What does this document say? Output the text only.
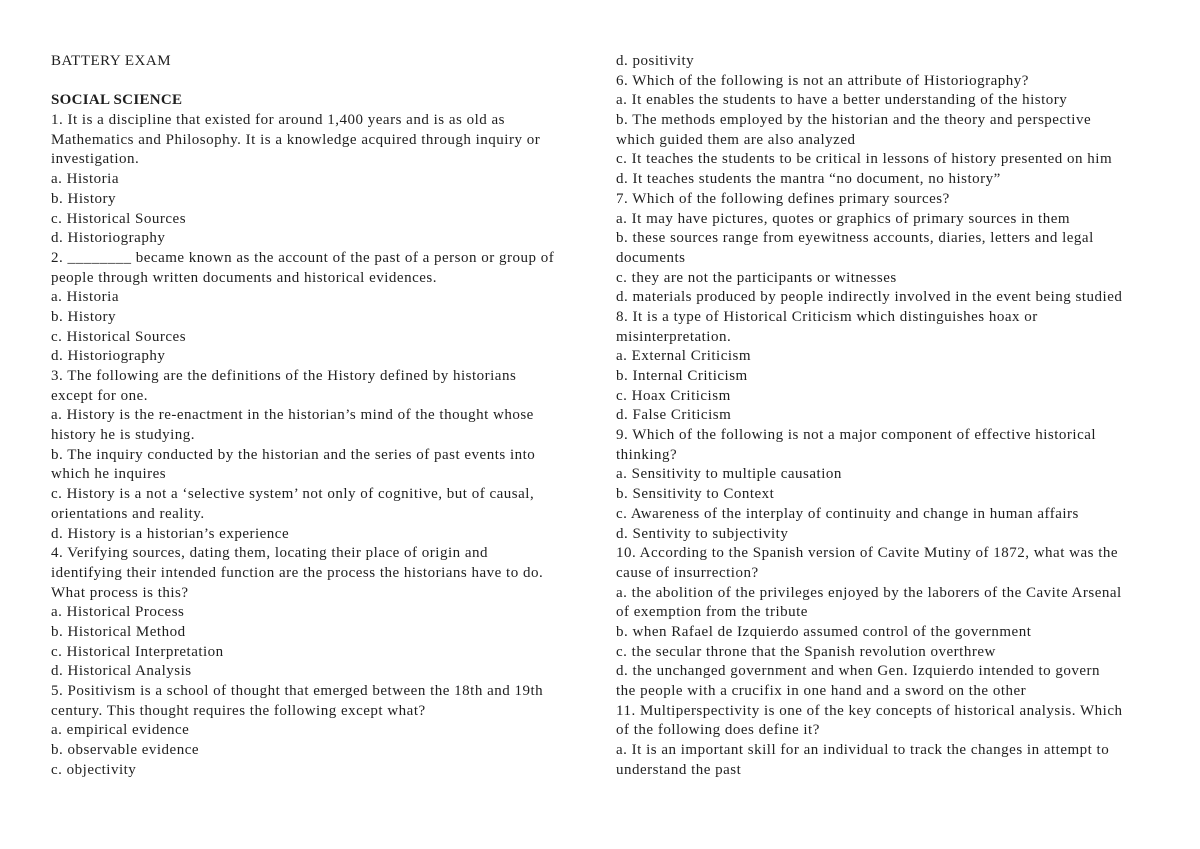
BATTERY EXAM
SOCIAL SCIENCE
1. It is a discipline that existed for around 1,400 years and is as old as
Mathematics and Philosophy. It is a knowledge acquired through inquiry or
investigation.
a. Historia
b. History
c. Historical Sources
d. Historiography
2. ________ became known as the account of the past of a person or group of
people through written documents and historical evidences.
a. Historia
b. History
c. Historical Sources
d. Historiography
3. The following are the definitions of the History defined by historians
except for one.
a. History is the re-enactment in the historian’s mind of the thought whose
history he is studying.
b. The inquiry conducted by the historian and the series of past events into
which he inquires
c. History is a not a ‘selective system’ not only of cognitive, but of causal,
orientations and reality.
d. History is a historian’s experience
4. Verifying sources, dating them, locating their place of origin and
identifying their intended function are the process the historians have to do.
What process is this?
a. Historical Process
b. Historical Method
c. Historical Interpretation
d. Historical Analysis
5. Positivism is a school of thought that emerged between the 18th and 19th
century. This thought requires the following except what?
a. empirical evidence
b. observable evidence
c. objectivity
d. positivity
6. Which of the following is not an attribute of Historiography?
a. It enables the students to have a better understanding of the history
b. The methods employed by the historian and the theory and perspective
which guided them are also analyzed
c. It teaches the students to be critical in lessons of history presented on him
d. It teaches students the mantra “no document, no history”
7. Which of the following defines primary sources?
a. It may have pictures, quotes or graphics of primary sources in them
b. these sources range from eyewitness accounts, diaries, letters and legal
documents
c. they are not the participants or witnesses
d. materials produced by people indirectly involved in the event being studied
8. It is a type of Historical Criticism which distinguishes hoax or
misinterpretation.
a. External Criticism
b. Internal Criticism
c. Hoax Criticism
d. False Criticism
9. Which of the following is not a major component of effective historical
thinking?
a. Sensitivity to multiple causation
b. Sensitivity to Context
c. Awareness of the interplay of continuity and change in human affairs
d. Sentivity to subjectivity
10. According to the Spanish version of Cavite Mutiny of 1872, what was the
cause of insurrection?
a. the abolition of the privileges enjoyed by the laborers of the Cavite Arsenal
of exemption from the tribute
b. when Rafael de Izquierdo assumed control of the government
c. the secular throne that the Spanish revolution overthrew
d. the unchanged government and when Gen. Izquierdo intended to govern
the people with a crucifix in one hand and a sword on the other
11. Multiperspectivity is one of the key concepts of historical analysis. Which
of the following does define it?
a. It is an important skill for an individual to track the changes in attempt to
understand the past
